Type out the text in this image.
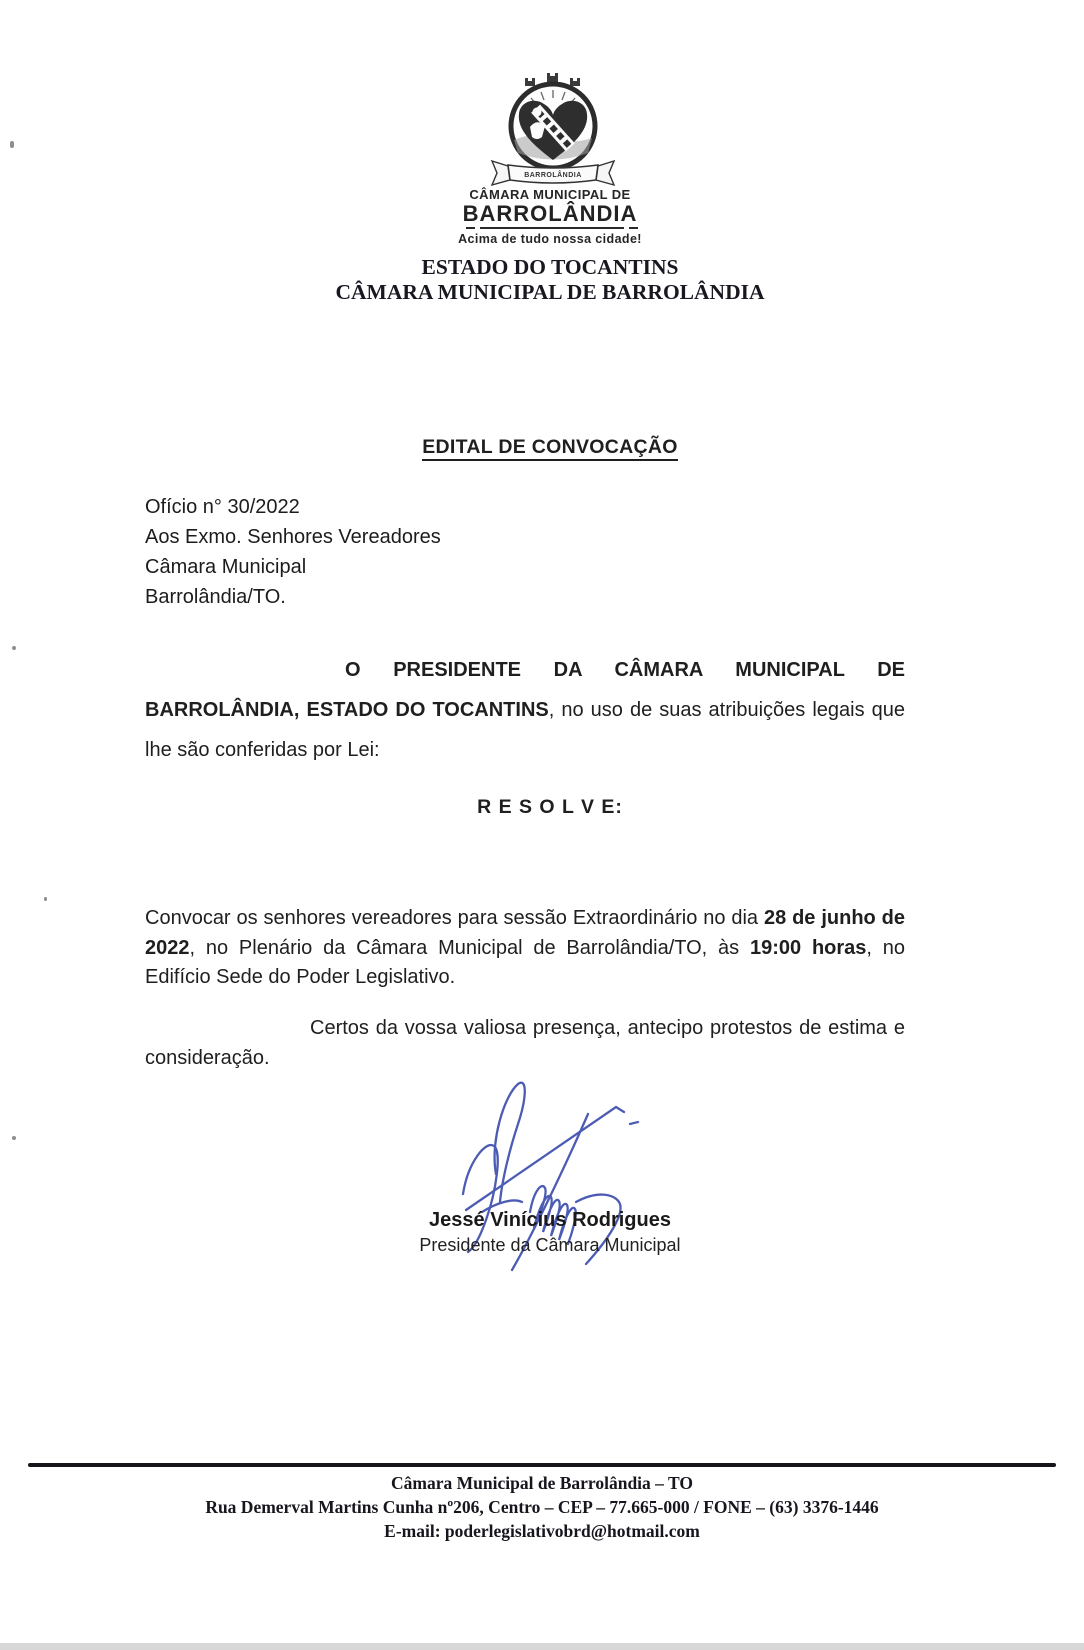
BARROLÂNDIA
CÂMARA MUNICIPAL DE
BARROLÂNDIA
Acima de tudo nossa cidade!
ESTADO DO TOCANTINS
CÂMARA MUNICIPAL DE BARROLÂNDIA
EDITAL DE CONVOCAÇÃO
Ofício n° 30/2022
Aos Exmo. Senhores Vereadores
Câmara Municipal
Barrolândia/TO.

O PRESIDENTE DA CÂMARA MUNICIPAL DE BARROLÂNDIA, ESTADO DO TOCANTINS, no uso de suas atribuições legais que lhe são conferidas por Lei:

R E S O L V E:

Convocar os senhores vereadores para sessão Extraordinário no dia 28 de junho de 2022, no Plenário da Câmara Municipal de Barrolândia/TO, às 19:00 horas, no Edifício Sede do Poder Legislativo.

Certos da vossa valiosa presença, antecipo protestos de estima e consideração.

Jessé Vinícius Rodrigues
Presidente da Câmara Municipal
Câmara Municipal de Barrolândia – TO
Rua Demerval Martins Cunha nº206, Centro – CEP – 77.665-000 / FONE – (63) 3376-1446
E-mail: poderlegislativobrd@hotmail.com
